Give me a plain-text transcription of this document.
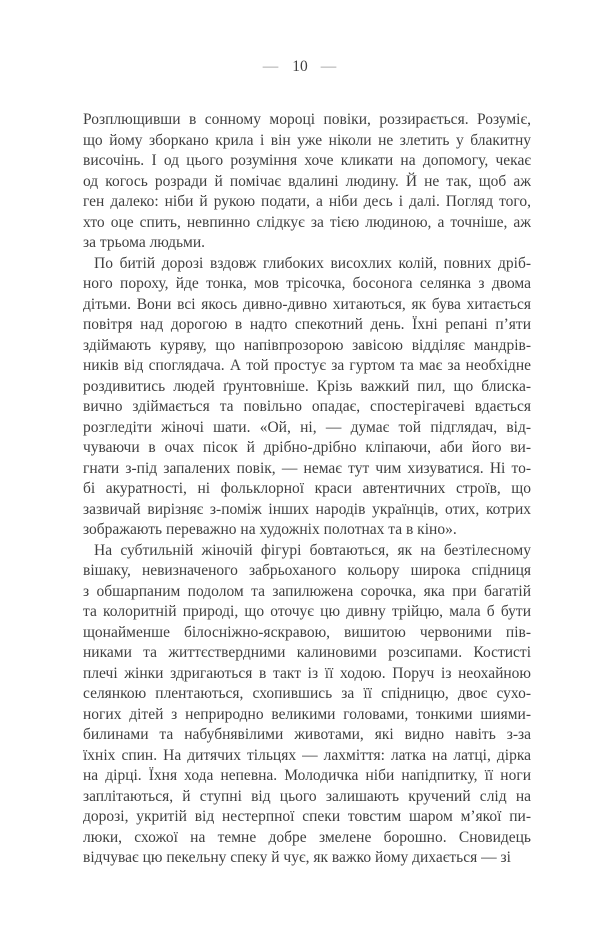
— 10 —
Розплющивши в сонному мороці повіки, роззирається. Розуміє,
що йому зборкано крила і він уже ніколи не злетить у блакитну
височінь. І од цього розуміння хоче кликати на допомогу, чекає
од когось розради й помічає вдалині людину. Й не так, щоб аж
ген далеко: ніби й рукою подати, а ніби десь і далі. Погляд того,
хто оце спить, невпинно слідкує за тією людиною, а точніше, аж
за трьома людьми.
По битій дорозі вздовж глибоких висохлих колій, повних дріб-
ного пороху, йде тонка, мов трісочка, босонога селянка з двома
дітьми. Вони всі якось дивно-дивно хитаються, як бува хитається
повітря над дорогою в надто спекотний день. Їхні репані п’яти
здіймають куряву, що напівпрозорою завісою відділяє мандрів-
ників від споглядача. А той простує за гуртом та має за необхідне
роздивитись людей ґрунтовніше. Крізь важкий пил, що блиска-
вично здіймається та повільно опадає, спостерігачеві вдається
розгледіти жіночі шати. «Ой, ні, — думає той підглядач, від-
чуваючи в очах пісок й дрібно-дрібно кліпаючи, аби його ви-
гнати з-під запалених повік, — немає тут чим хизуватися. Ні то-
бі акуратності, ні фольклорної краси автентичних строїв, що
зазвичай вирізняє з-поміж інших народів українців, отих, котрих
зображають переважно на художніх полотнах та в кіно».
На субтильній жіночій фігурі бовтаються, як на безтілесному
вішаку, невизначеного забрьоханого кольору широка спідниця
з обшарпаним подолом та запилюжена сорочка, яка при багатій
та колоритній природі, що оточує цю дивну трійцю, мала б бути
щонайменше білосніжно-яскравою, вишитою червоними пів-
никами та життєствердними калиновими розсипами. Костисті
плечі жінки здригаються в такт із її ходою. Поруч із неохайною
селянкою плентаються, схопившись за її спідницю, двоє сухо-
ногих дітей з неприродно великими головами, тонкими шиями-
билинами та набубнявілими животами, які видно навіть з-за
їхніх спин. На дитячих тільцях — лахміття: латка на латці, дірка
на дірці. Їхня хода непевна. Молодичка ніби напідпитку, її ноги
заплітаються, й ступні від цього залишають кручений слід на
дорозі, укритій від нестерпної спеки товстим шаром м’якої пи-
люки, схожої на темне добре змелене борошно. Сновидець
відчуває цю пекельну спеку й чує, як важко йому дихається — зі
